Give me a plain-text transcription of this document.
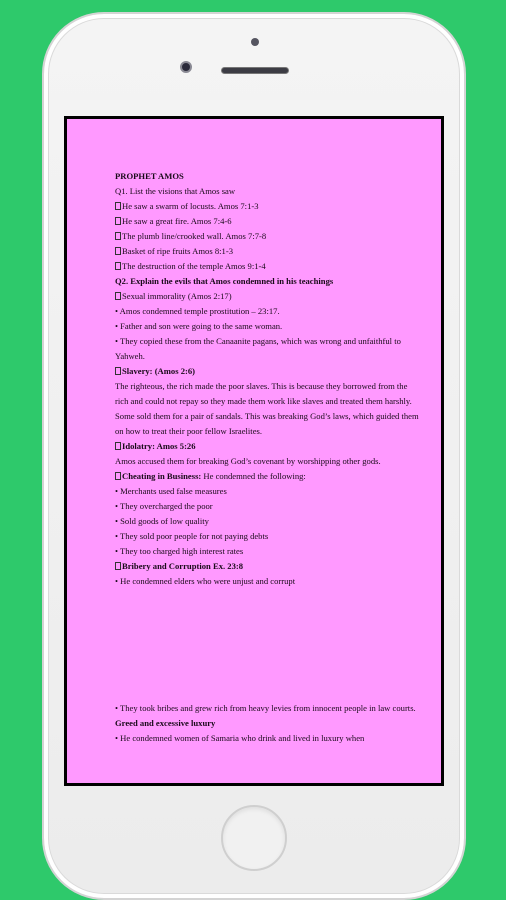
PROPHET AMOS
Q1. List the visions that Amos saw
He saw a swarm of locusts. Amos 7:1-3
He saw a great fire. Amos 7:4-6
The plumb line/crooked wall. Amos 7:7-8
Basket of ripe fruits Amos 8:1-3
The destruction of the temple Amos 9:1-4
Q2. Explain the evils that Amos condemned in his teachings
Sexual immorality (Amos 2:17)
• Amos condemned temple prostitution – 23:17.
• Father and son were going to the same woman.
• They copied these from the Canaanite pagans, which was wrong and unfaithful to Yahweh.
Slavery: (Amos 2:6)
The righteous, the rich made the poor slaves. This is because they borrowed from the rich and could not repay so they made them work like slaves and treated them harshly. Some sold them for a pair of sandals. This was breaking God’s laws, which guided them on how to treat their poor fellow Israelites.
Idolatry: Amos 5:26
Amos accused them for breaking God’s covenant by worshipping other gods.
Cheating in Business: He condemned the following:
• Merchants used false measures
• They overcharged the poor
• Sold goods of low quality
• They sold poor people for not paying debts
• They too charged high interest rates
Bribery and Corruption Ex. 23:8
• He condemned elders who were unjust and corrupt
• They took bribes and grew rich from heavy levies from innocent people in law courts.
Greed and excessive luxury
• He condemned women of Samaria who drink and lived in luxury when
